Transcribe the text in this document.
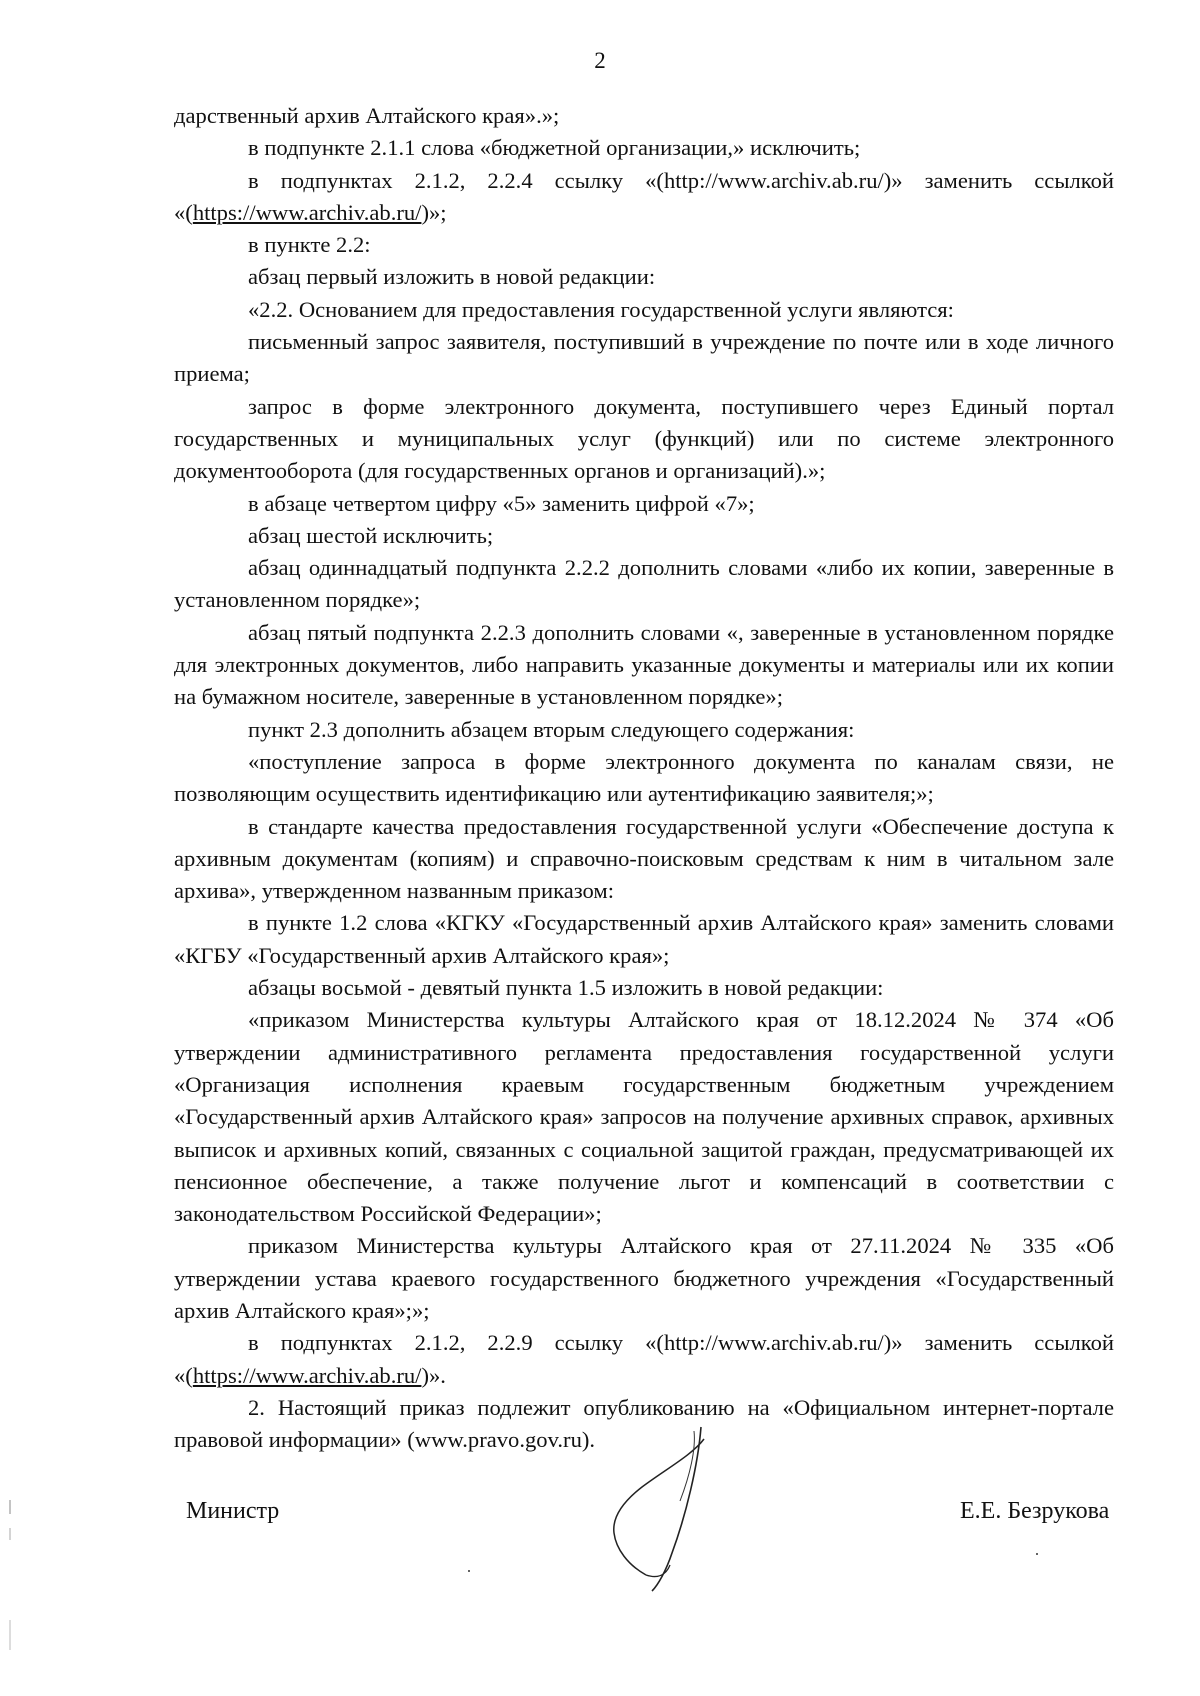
2

дарственный архив Алтайского края».»;

в подпункте 2.1.1 слова «бюджетной организации,» исключить;

в подпунктах 2.1.2, 2.2.4 ссылку «(http://www.archiv.ab.ru/)» заменить ссылкой «(https://www.archiv.ab.ru/)»;

в пункте 2.2:

абзац первый изложить в новой редакции:

«2.2. Основанием для предоставления государственной услуги являются:

письменный запрос заявителя, поступивший в учреждение по почте или в ходе личного приема;

запрос в форме электронного документа, поступившего через Единый портал государственных и муниципальных услуг (функций) или по системе электронного документооборота (для государственных органов и организаций).»;

в абзаце четвертом цифру «5» заменить цифрой «7»;

абзац шестой исключить;

абзац одиннадцатый подпункта 2.2.2 дополнить словами «либо их копии, заверенные в установленном порядке»;

абзац пятый подпункта 2.2.3 дополнить словами «, заверенные в установленном порядке для электронных документов, либо направить указанные документы и материалы или их копии на бумажном носителе, заверенные в установленном порядке»;

пункт 2.3 дополнить абзацем вторым следующего содержания:

«поступление запроса в форме электронного документа по каналам связи, не позволяющим осуществить идентификацию или аутентификацию заявителя;»;

в стандарте качества предоставления государственной услуги «Обеспечение доступа к архивным документам (копиям) и справочно-поисковым средствам к ним в читальном зале архива», утвержденном названным приказом:

в пункте 1.2 слова «КГКУ «Государственный архив Алтайского края» заменить словами «КГБУ «Государственный архив Алтайского края»;

абзацы восьмой - девятый пункта 1.5 изложить в новой редакции:

«приказом Министерства культуры Алтайского края от 18.12.2024 № 374 «Об утверждении административного регламента предоставления государственной услуги «Организация исполнения краевым государственным бюджетным учреждением «Государственный архив Алтайского края» запросов на получение архивных справок, архивных выписок и архивных копий, связанных с социальной защитой граждан, предусматривающей их пенсионное обеспечение, а также получение льгот и компенсаций в соответствии с законодательством Российской Федерации»;

приказом Министерства культуры Алтайского края от 27.11.2024 № 335 «Об утверждении устава краевого государственного бюджетного учреждения «Государственный архив Алтайского края»;»;

в подпунктах 2.1.2, 2.2.9 ссылку «(http://www.archiv.ab.ru/)» заменить ссылкой «(https://www.archiv.ab.ru/)».

2. Настоящий приказ подлежит опубликованию на «Официальном интернет-портале правовой информации» (www.pravo.gov.ru).

Министр	Е.Е. Безрукова
